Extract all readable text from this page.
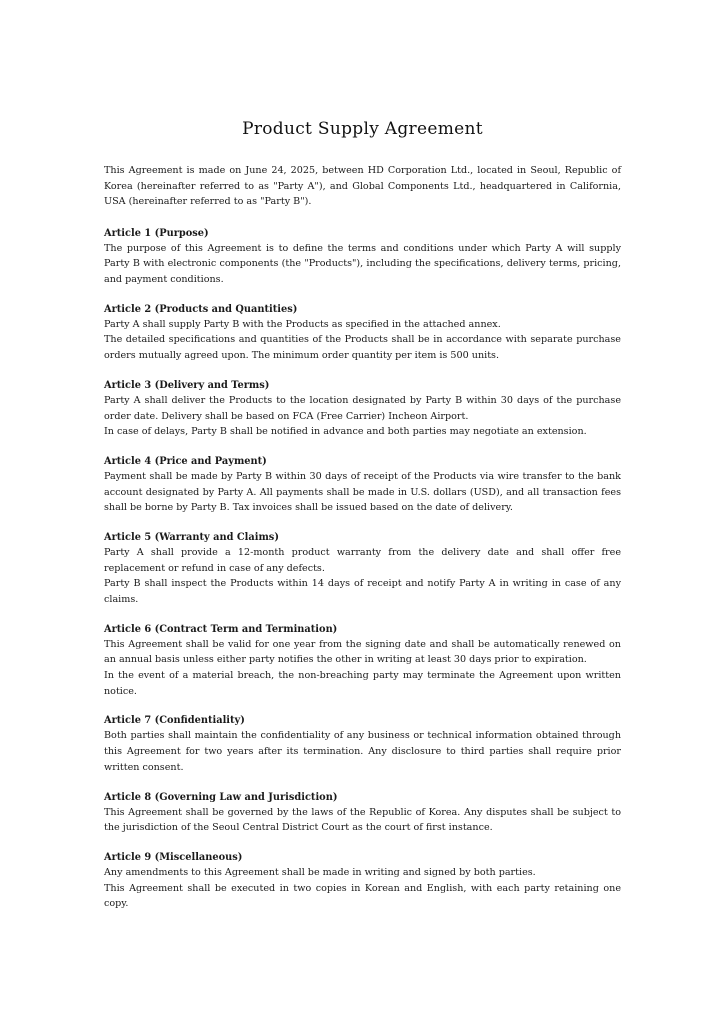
Product Supply Agreement

This Agreement is made on June 24, 2025, between HD Corporation Ltd., located in Seoul, Republic of Korea (hereinafter referred to as "Party A"), and Global Components Ltd., headquartered in California, USA (hereinafter referred to as "Party B").

Article 1 (Purpose)

The purpose of this Agreement is to define the terms and conditions under which Party A will supply Party B with electronic components (the "Products"), including the specifications, delivery terms, pricing, and payment conditions.

Article 2 (Products and Quantities)

Party A shall supply Party B with the Products as specified in the attached annex.

The detailed specifications and quantities of the Products shall be in accordance with separate purchase orders mutually agreed upon. The minimum order quantity per item is 500 units.

Article 3 (Delivery and Terms)

Party A shall deliver the Products to the location designated by Party B within 30 days of the purchase order date. Delivery shall be based on FCA (Free Carrier) Incheon Airport.

In case of delays, Party B shall be notified in advance and both parties may negotiate an extension.

Article 4 (Price and Payment)

Payment shall be made by Party B within 30 days of receipt of the Products via wire transfer to the bank account designated by Party A. All payments shall be made in U.S. dollars (USD), and all transaction fees shall be borne by Party B. Tax invoices shall be issued based on the date of delivery.

Article 5 (Warranty and Claims)

Party A shall provide a 12-month product warranty from the delivery date and shall offer free replacement or refund in case of any defects.

Party B shall inspect the Products within 14 days of receipt and notify Party A in writing in case of any claims.

Article 6 (Contract Term and Termination)

This Agreement shall be valid for one year from the signing date and shall be automatically renewed on an annual basis unless either party notifies the other in writing at least 30 days prior to expiration.

In the event of a material breach, the non-breaching party may terminate the Agreement upon written notice.

Article 7 (Confidentiality)

Both parties shall maintain the confidentiality of any business or technical information obtained through this Agreement for two years after its termination. Any disclosure to third parties shall require prior written consent.

Article 8 (Governing Law and Jurisdiction)

This Agreement shall be governed by the laws of the Republic of Korea. Any disputes shall be subject to the jurisdiction of the Seoul Central District Court as the court of first instance.

Article 9 (Miscellaneous)

Any amendments to this Agreement shall be made in writing and signed by both parties.

This Agreement shall be executed in two copies in Korean and English, with each party retaining one copy.
